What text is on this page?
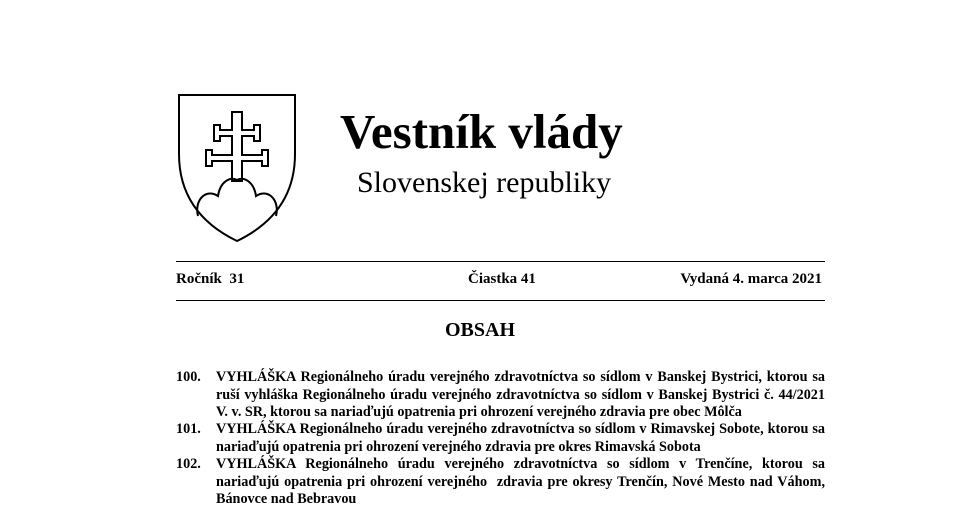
Vestník vlády
Slovenskej republiky
Ročník  31	Čiastka 41	Vydaná 4. marca 2021
OBSAH
100. VYHLÁŠKA Regionálneho úradu verejného zdravotníctva so sídlom v Banskej Bystrici, ktorou sa ruší vyhláška Regionálneho úradu verejného zdravotníctva so sídlom v Banskej Bystrici č. 44/2021 V. v. SR, ktorou sa nariaďujú opatrenia pri ohrození verejného zdravia pre obec Môlča
101. VYHLÁŠKA Regionálneho úradu verejného zdravotníctva so sídlom v Rimavskej Sobote, ktorou sa nariaďujú opatrenia pri ohrození verejného zdravia pre okres Rimavská Sobota
102. VYHLÁŠKA Regionálneho úradu verejného zdravotníctva so sídlom v Trenčíne, ktorou sa nariaďujú opatrenia pri ohrození verejného  zdravia pre okresy Trenčín, Nové Mesto nad Váhom, Bánovce nad Bebravou
